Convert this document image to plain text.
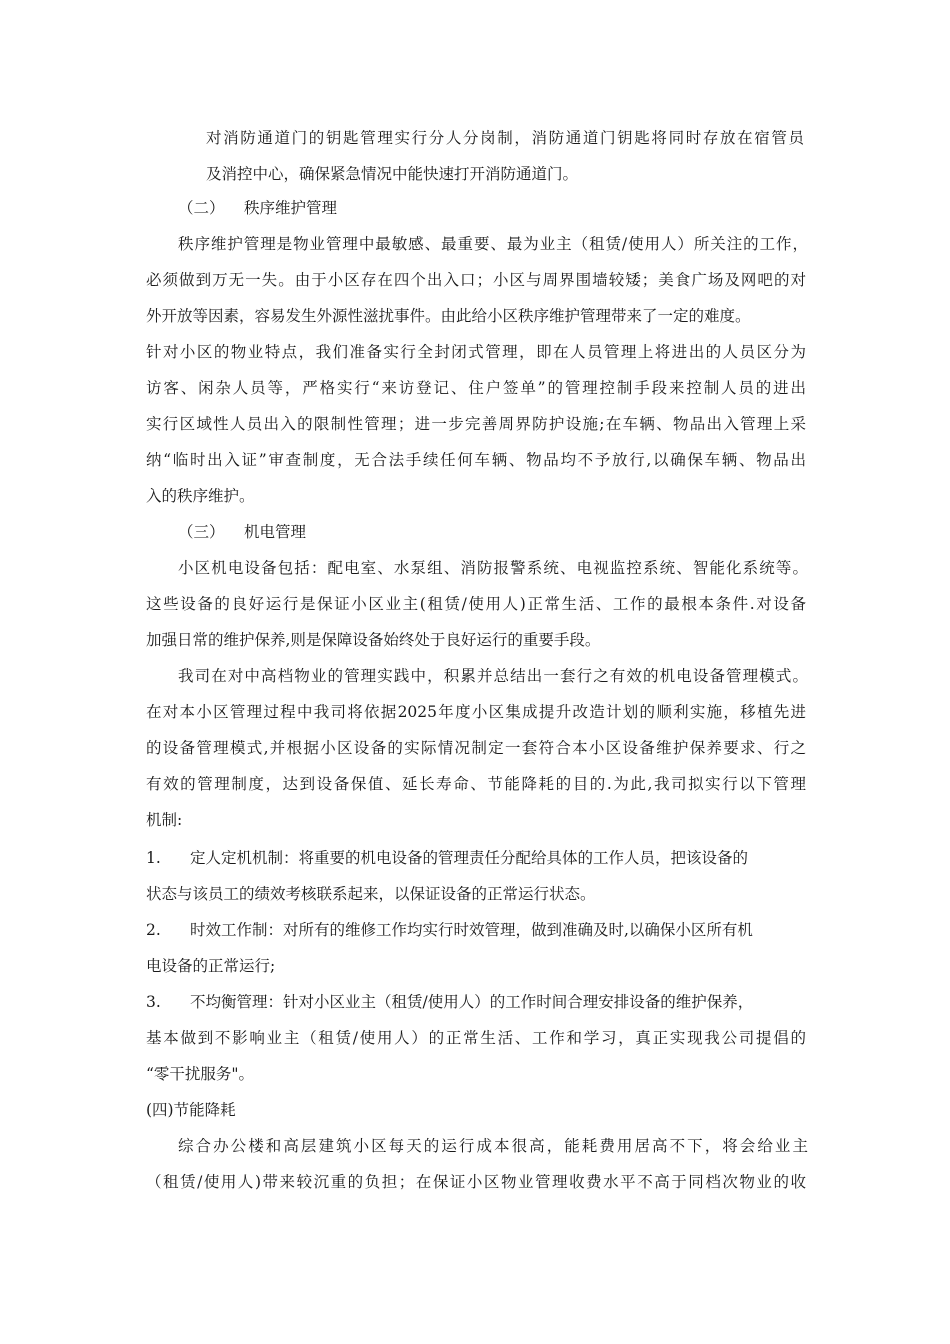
对消防通道门的钥匙管理实行分人分岗制，消防通道门钥匙将同时存放在宿管员

及消控中心，确保紧急情况中能快速打开消防通道门。

（二） 秩序维护管理

秩序维护管理是物业管理中最敏感、最重要、最为业主（租赁/使用人）所关注的工作，

必须做到万无一失。由于小区存在四个出入口；小区与周界围墙较矮；美食广场及网吧的对

外开放等因素，容易发生外源性滋扰事件。由此给小区秩序维护管理带来了一定的难度。

针对小区的物业特点，我们准备实行全封闭式管理，即在人员管理上将进出的人员区分为

访客、闲杂人员等，严格实行“来访登记、住户签单”的管理控制手段来控制人员的进出

实行区域性人员出入的限制性管理；进一步完善周界防护设施;在车辆、物品出入管理上采

纳“临时出入证”审查制度，无合法手续任何车辆、物品均不予放行,以确保车辆、物品出

入的秩序维护。

（三） 机电管理

小区机电设备包括：配电室、水泵组、消防报警系统、电视监控系统、智能化系统等。

这些设备的良好运行是保证小区业主(租赁/使用人)正常生活、工作的最根本条件.对设备

加强日常的维护保养,则是保障设备始终处于良好运行的重要手段。

我司在对中高档物业的管理实践中，积累并总结出一套行之有效的机电设备管理模式。

在对本小区管理过程中我司将依据2025年度小区集成提升改造计划的顺利实施，移植先进

的设备管理模式,并根据小区设备的实际情况制定一套符合本小区设备维护保养要求、行之

有效的管理制度，达到设备保值、延长寿命、节能降耗的目的.为此,我司拟实行以下管理

机制:

1. 定人定机机制：将重要的机电设备的管理责任分配给具体的工作人员，把该设备的

状态与该员工的绩效考核联系起来，以保证设备的正常运行状态。

2. 时效工作制：对所有的维修工作均实行时效管理，做到准确及时,以确保小区所有机

电设备的正常运行;

3. 不均衡管理：针对小区业主（租赁/使用人）的工作时间合理安排设备的维护保养，

基本做到不影响业主（租赁/使用人）的正常生活、工作和学习，真正实现我公司提倡的

“零干扰服务"。

(四)节能降耗

综合办公楼和高层建筑小区每天的运行成本很高，能耗费用居高不下，将会给业主

（租赁/使用人)带来较沉重的负担；在保证小区物业管理收费水平不高于同档次物业的收
